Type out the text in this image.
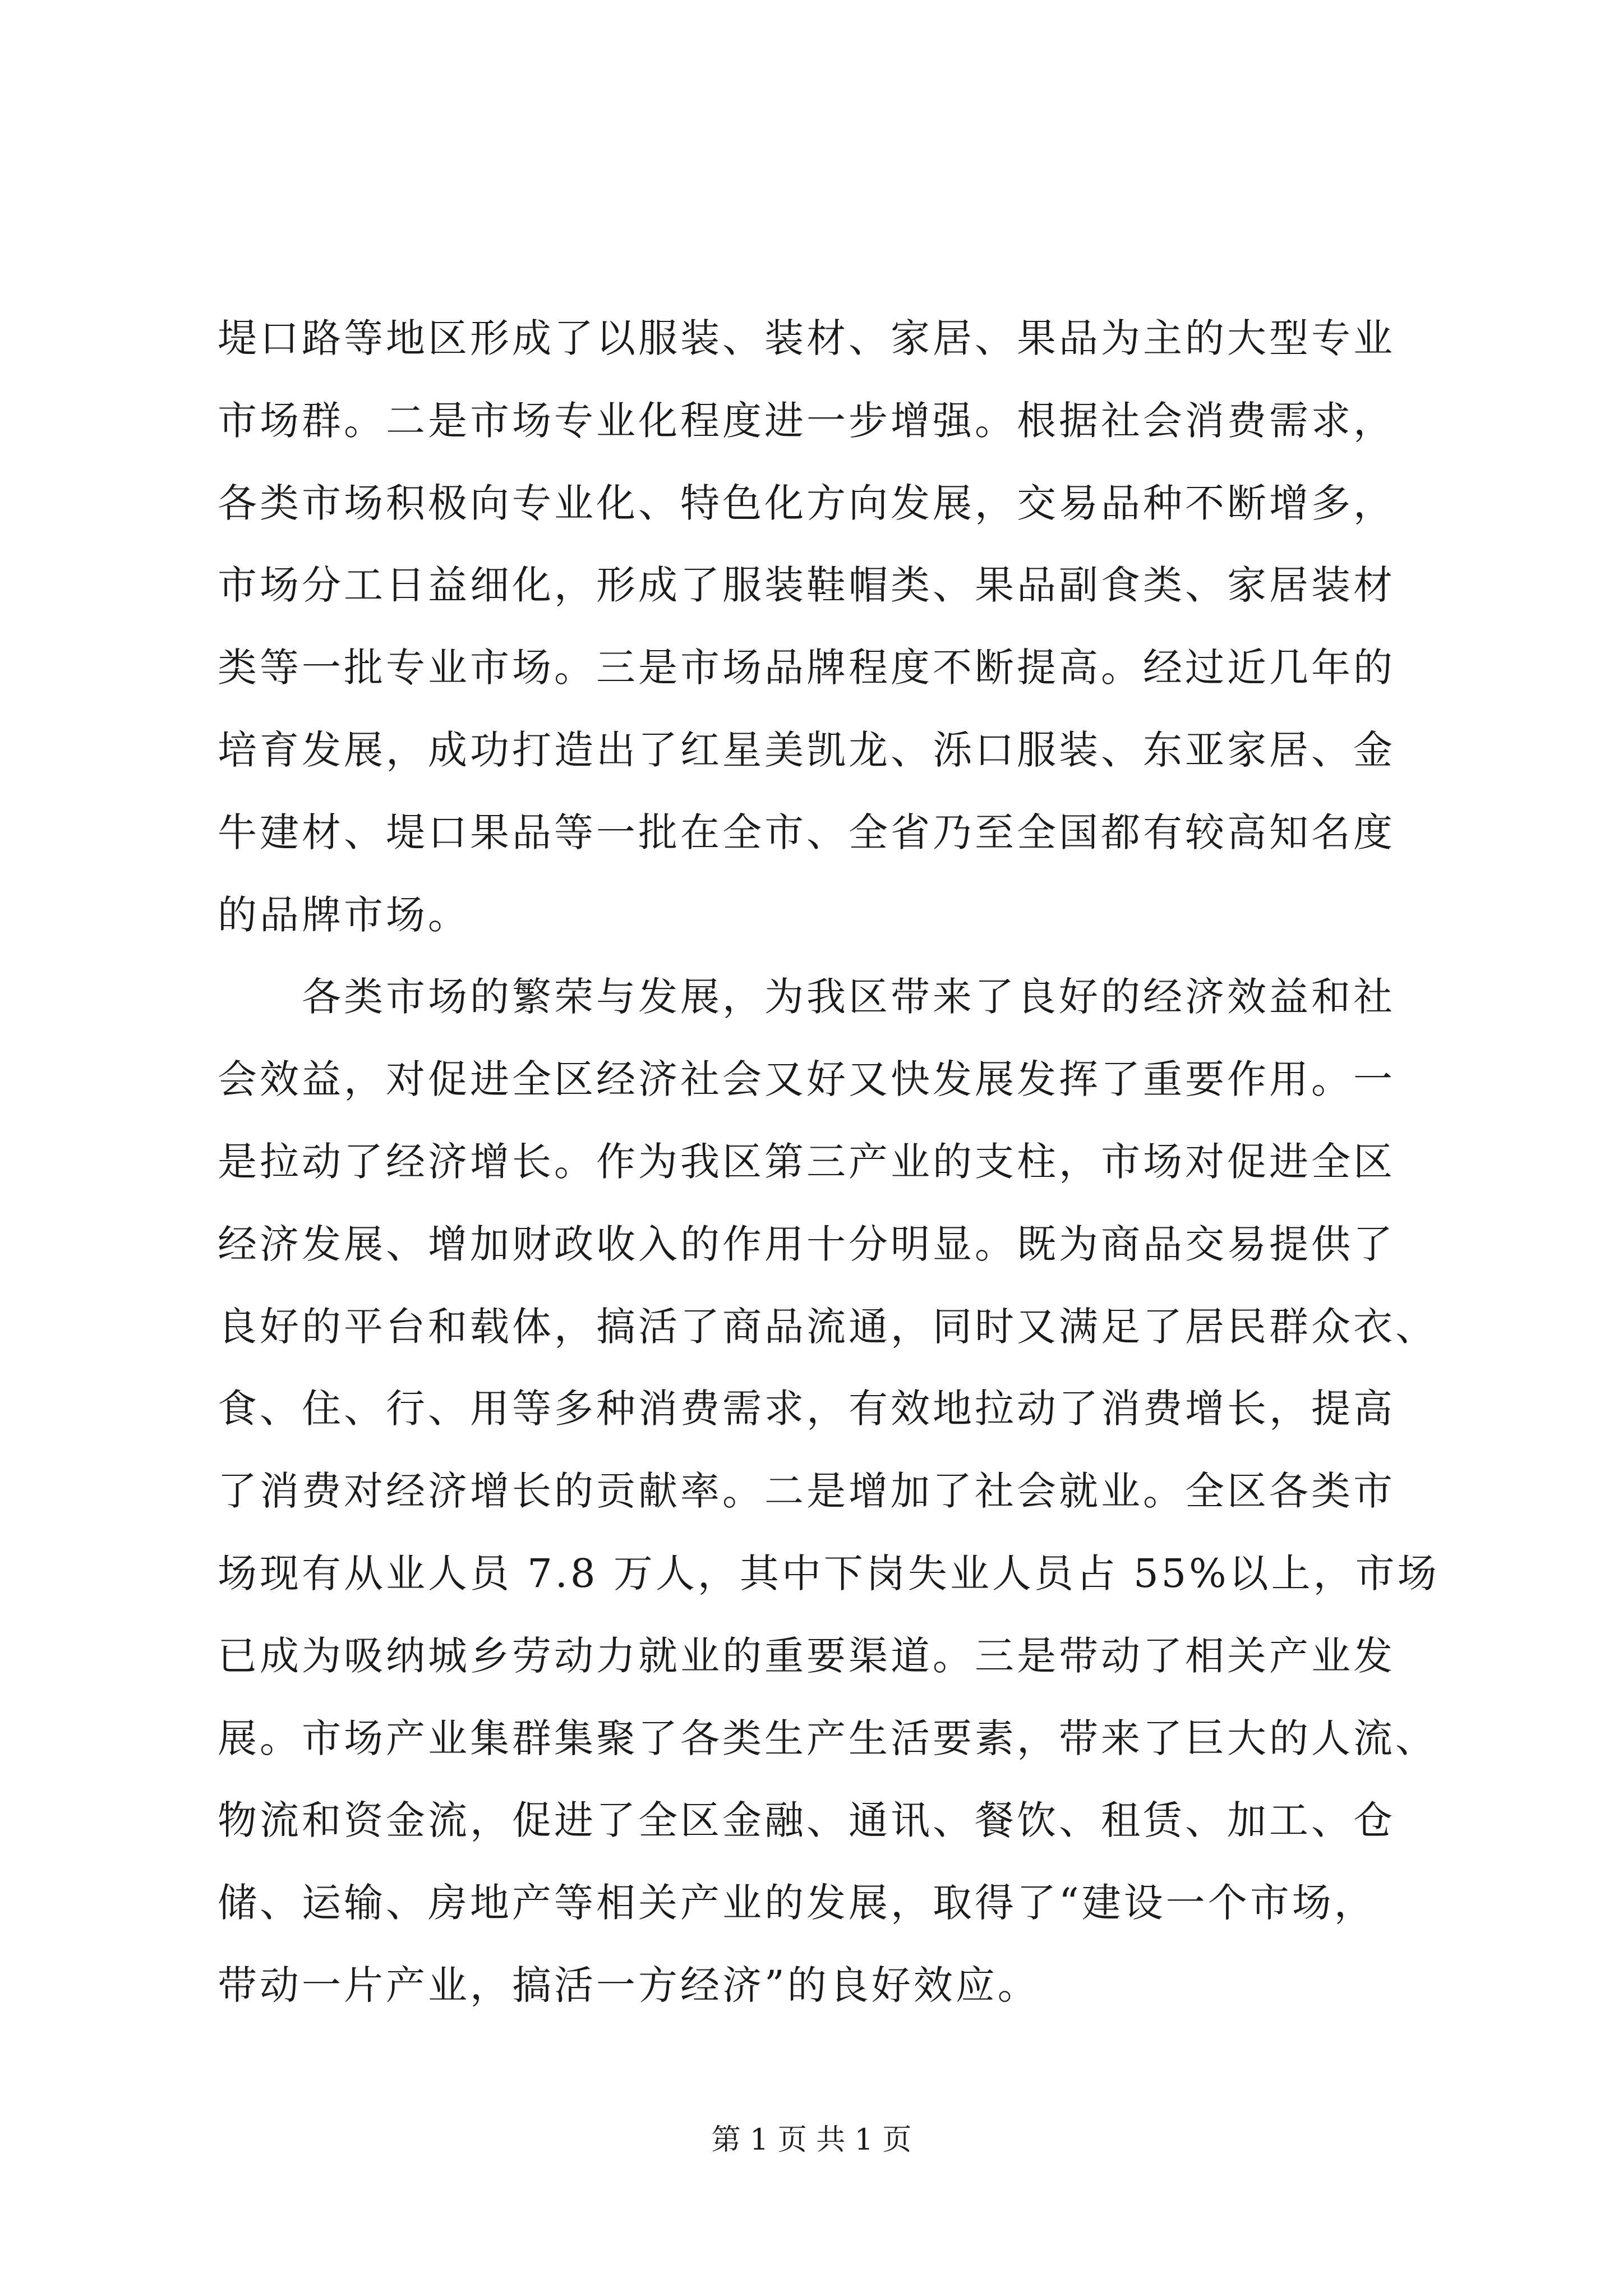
堤口路等地区形成了以服装、装材、家居、果品为主的大型专业
市场群。二是市场专业化程度进一步增强。根据社会消费需求，
各类市场积极向专业化、特色化方向发展，交易品种不断增多，
市场分工日益细化，形成了服装鞋帽类、果品副食类、家居装材
类等一批专业市场。三是市场品牌程度不断提高。经过近几年的
培育发展，成功打造出了红星美凯龙、泺口服装、东亚家居、金
牛建材、堤口果品等一批在全市、全省乃至全国都有较高知名度
的品牌市场。
各类市场的繁荣与发展，为我区带来了良好的经济效益和社
会效益，对促进全区经济社会又好又快发展发挥了重要作用。一
是拉动了经济增长。作为我区第三产业的支柱，市场对促进全区
经济发展、增加财政收入的作用十分明显。既为商品交易提供了
良好的平台和载体，搞活了商品流通，同时又满足了居民群众衣、
食、住、行、用等多种消费需求，有效地拉动了消费增长，提高
了消费对经济增长的贡献率。二是增加了社会就业。全区各类市
场现有从业人员 7.8 万人，其中下岗失业人员占 55%以上，市场
已成为吸纳城乡劳动力就业的重要渠道。三是带动了相关产业发
展。市场产业集群集聚了各类生产生活要素，带来了巨大的人流、
物流和资金流，促进了全区金融、通讯、餐饮、租赁、加工、仓
储、运输、房地产等相关产业的发展，取得了“建设一个市场，
带动一片产业，搞活一方经济”的良好效应。
第 1 页 共 1 页
